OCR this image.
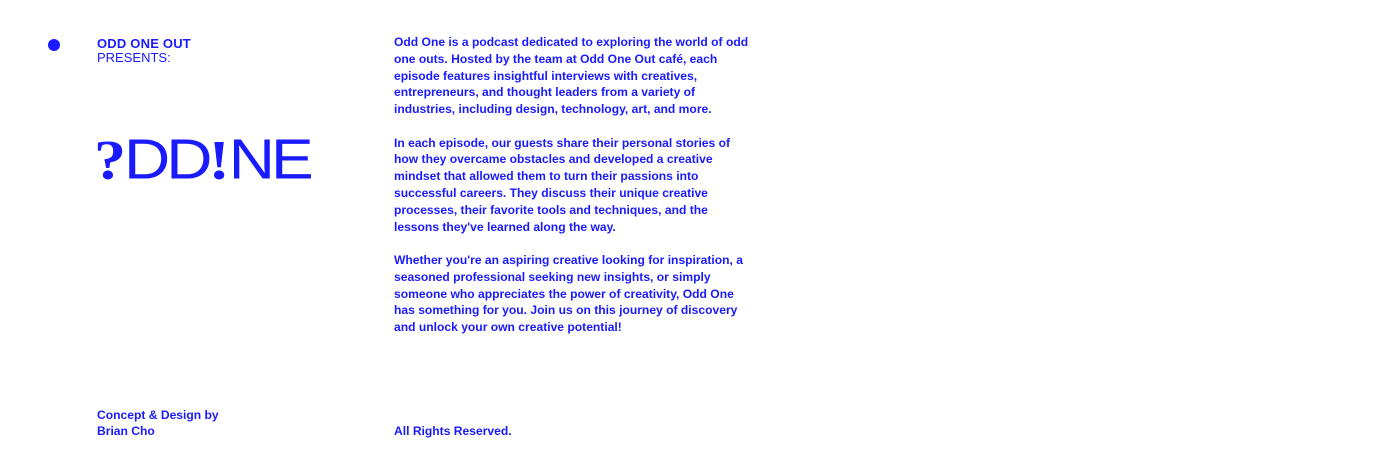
ODD ONE OUT
PRESENTS:
?DD!NE

Odd One is a podcast dedicated to exploring the world of odd one outs. Hosted by the team at Odd One Out café, each episode features insightful interviews with creatives, entrepreneurs, and thought leaders from a variety of industries, including design, technology, art, and more.

In each episode, our guests share their personal stories of how they overcame obstacles and developed a creative mindset that allowed them to turn their passions into successful careers. They discuss their unique creative processes, their favorite tools and techniques, and the lessons they've learned along the way.

Whether you're an aspiring creative looking for inspiration, a seasoned professional seeking new insights, or simply someone who appreciates the power of creativity, Odd One has something for you. Join us on this journey of discovery and unlock your own creative potential!

Concept & Design by
Brian Cho	All Rights Reserved.
